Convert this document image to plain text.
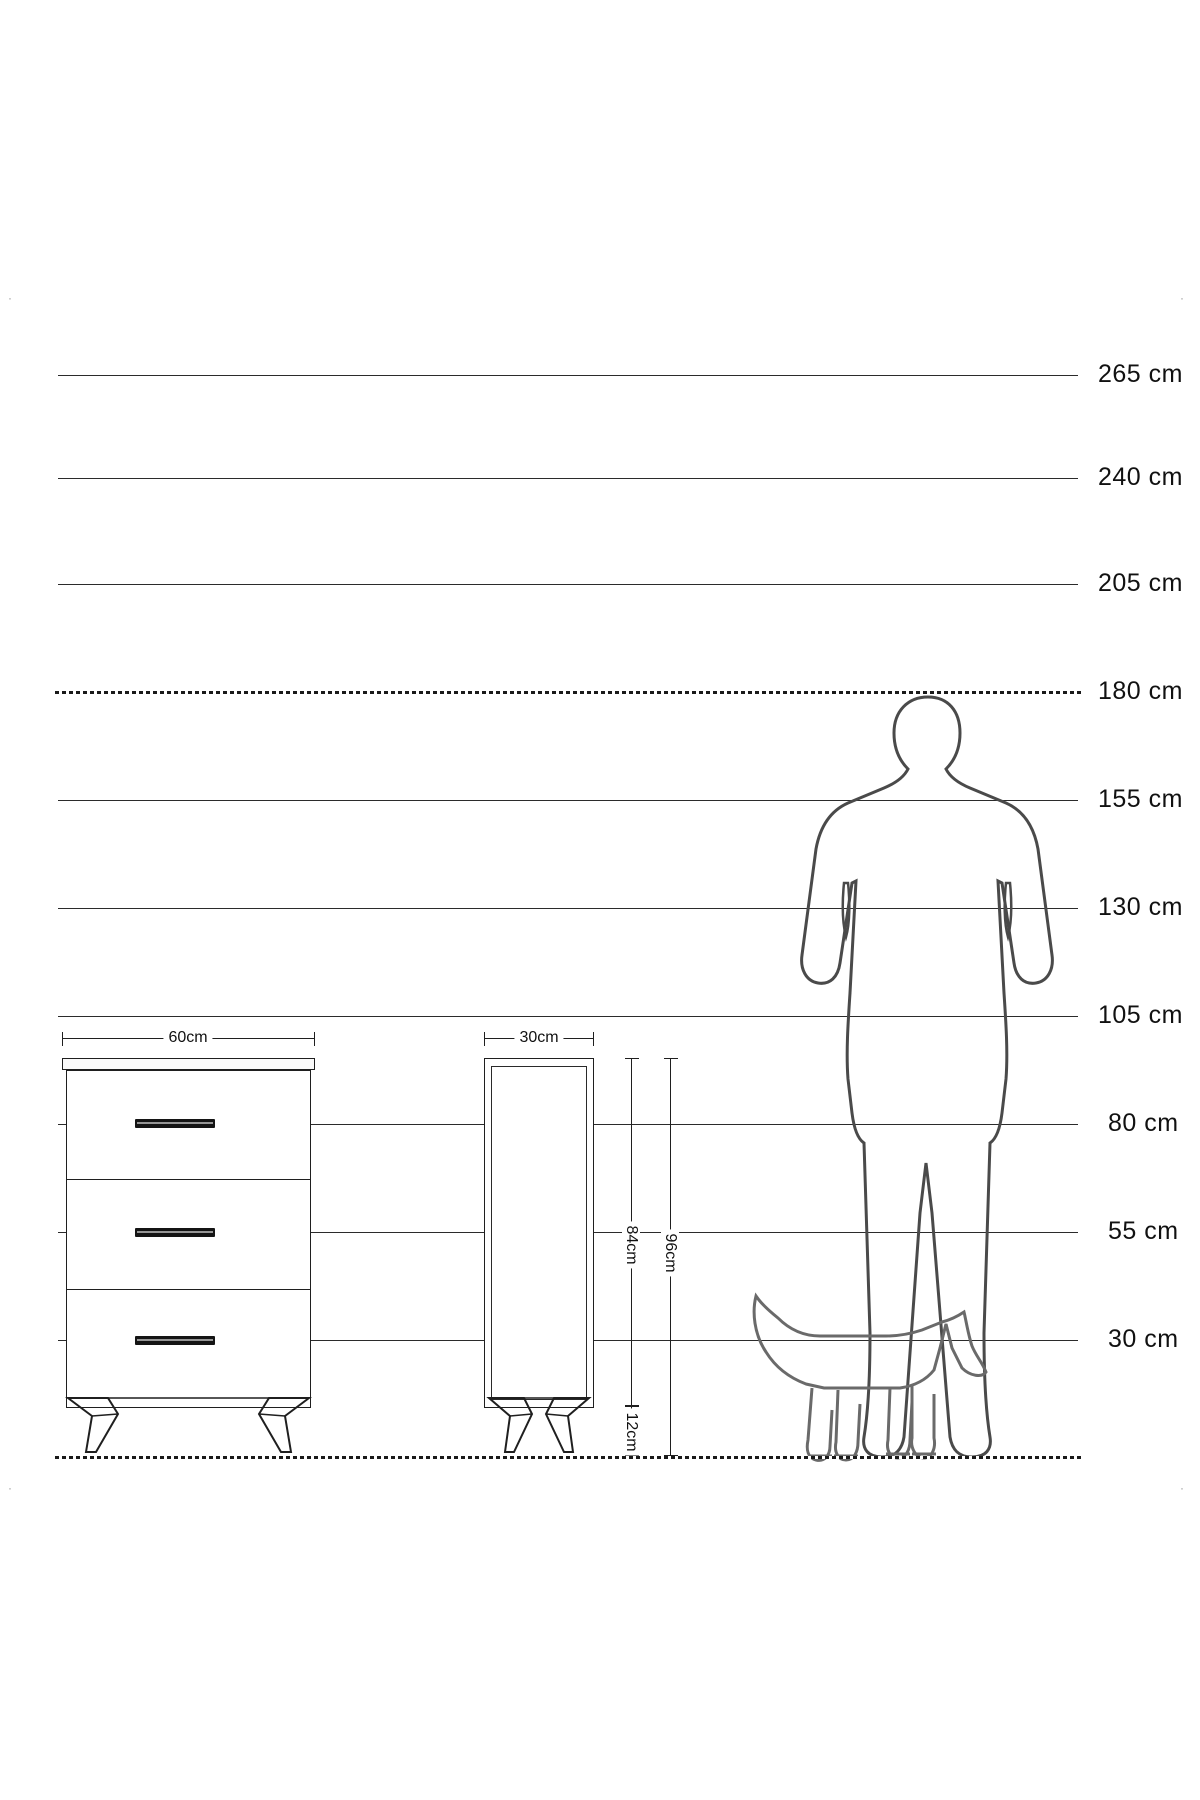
·	·
·	·
265 cm
240 cm
205 cm
180 cm
155 cm
130 cm
105 cm
80 cm
55 cm
30 cm
60cm	30cm
84cm 96cm
12cm
